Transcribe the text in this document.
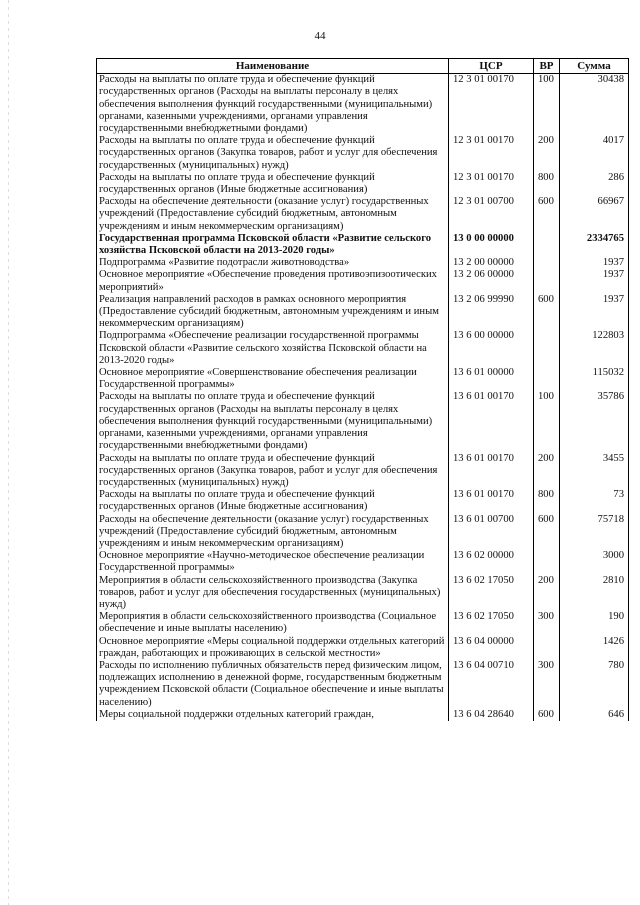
44
Наименование	ЦСР	ВР	Сумма
Расходы на выплаты по оплате труда и обеспечение функций государственных органов (Расходы на выплаты персоналу в целях обеспечения выполнения функций государственными (муниципальными) органами, казенными учреждениями, органами управления государственными внебюджетными фондами)	12 3 01 00170	100	30438
Расходы на выплаты по оплате труда и обеспечение функций государственных органов (Закупка товаров, работ и услуг для обеспечения государственных (муниципальных) нужд)	12 3 01 00170	200	4017
Расходы на выплаты по оплате труда и обеспечение функций государственных органов (Иные бюджетные ассигнования)	12 3 01 00170	800	286
Расходы на обеспечение деятельности (оказание услуг) государственных учреждений (Предоставление субсидий бюджетным, автономным учреждениям и иным некоммерческим организациям)	12 3 01 00700	600	66967
Государственная программа Псковской области «Развитие сельского хозяйства Псковской области на 2013-2020 годы»	13 0 00 00000		2334765
Подпрограмма «Развитие подотрасли животноводства»	13 2 00 00000		1937
Основное мероприятие «Обеспечение проведения противоэпизоотических мероприятий»	13 2 06 00000		1937
Реализация направлений расходов в рамках основного мероприятия (Предоставление субсидий бюджетным, автономным учреждениям и иным некоммерческим организациям)	13 2 06 99990	600	1937
Подпрограмма «Обеспечение реализации государственной программы Псковской области «Развитие сельского хозяйства Псковской области на 2013-2020 годы»	13 6 00 00000		122803
Основное мероприятие «Совершенствование обеспечения реализации Государственной программы»	13 6 01 00000		115032
Расходы на выплаты по оплате труда и обеспечение функций государственных органов (Расходы на выплаты персоналу в целях обеспечения выполнения функций государственными (муниципальными) органами, казенными учреждениями, органами управления государственными внебюджетными фондами)	13 6 01 00170	100	35786
Расходы на выплаты по оплате труда и обеспечение функций государственных органов (Закупка товаров, работ и услуг для обеспечения государственных (муниципальных) нужд)	13 6 01 00170	200	3455
Расходы на выплаты по оплате труда и обеспечение функций государственных органов (Иные бюджетные ассигнования)	13 6 01 00170	800	73
Расходы на обеспечение деятельности (оказание услуг) государственных учреждений (Предоставление субсидий бюджетным, автономным учреждениям и иным некоммерческим организациям)	13 6 01 00700	600	75718
Основное мероприятие «Научно-методическое обеспечение реализации Государственной программы»	13 6 02 00000		3000
Мероприятия в области сельскохозяйственного производства (Закупка товаров, работ и услуг для обеспечения государственных (муниципальных) нужд)	13 6 02 17050	200	2810
Мероприятия в области сельскохозяйственного производства (Социальное обеспечение и иные выплаты населению)	13 6 02 17050	300	190
Основное мероприятие «Меры социальной поддержки отдельных категорий граждан, работающих и проживающих в сельской местности»	13 6 04 00000		1426
Расходы по исполнению публичных обязательств перед физическим лицом, подлежащих исполнению в денежной форме, государственным бюджетным учреждением Псковской области (Социальное обеспечение и иные выплаты населению)	13 6 04 00710	300	780
Меры социальной поддержки отдельных категорий граждан,	13 6 04 28640	600	646
